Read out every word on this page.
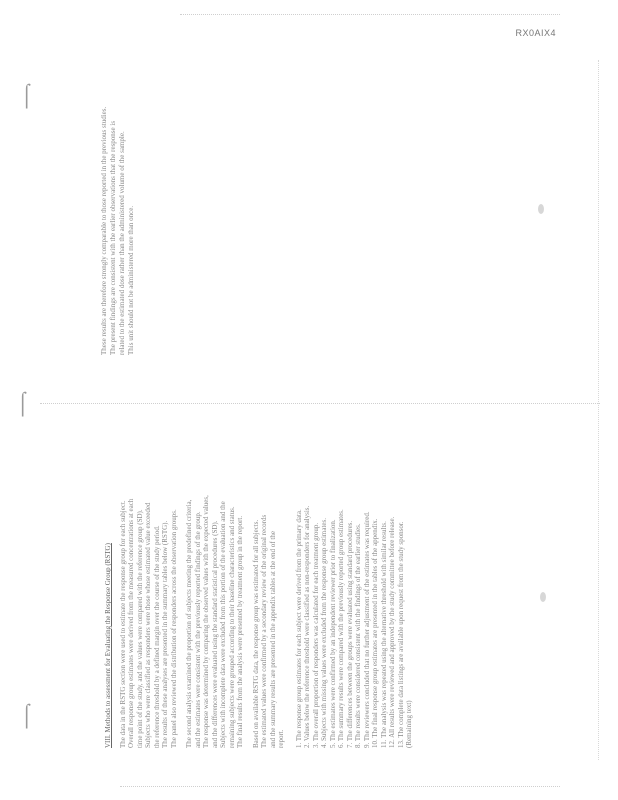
RX0AIX4
⌠
⌠
⌠
These results are therefore strongly comparable to those reported in the previous studies. The present findings are consistent with the earlier observations that the response is related to the estimated dose rather than the administered volume of the sample. This unit should not be administered more than once.
VIII. Methods to assessment for Evaluating the Response Group (RSTG) The data in the RSTG section were used to estimate the response group for each subject. Overall response group estimates were derived from the measured concentrations at each time point of the study, and the values were compared with the reference group (SD). Subjects who were classified as responders were those whose estimated value exceeded the reference threshold by a defined margin over the course of the study period. The results of these analyses are presented in the summary tables below (RSTG). The panel also reviewed the distribution of responders across the observation groups. The second analysis examined the proportion of subjects meeting the predefined criteria, and the estimates were consistent with the previously reported findings of the group. The response was determined by comparing the observed values with the expected values, and the differences were evaluated using the standard statistical procedures (SD). Subjects with incomplete data were excluded from this portion of the evaluation and the remaining subjects were grouped according to their baseline characteristics and status. The final results from the analysis were presented by treatment group in the report. Based on available RSTG data, the response group was estimated for all subjects. The estimated values were confirmed by a secondary review of the original records and the summary results are presented in the appendix tables at the end of the report. 1. The response group estimates for each subject were derived from the primary data. 2. Values below the reference threshold were classified as non-responders for analysis. 3. The overall proportion of responders was calculated for each treatment group. 4. Subjects with missing values were excluded from the response group estimates. 5. The estimates were confirmed by an independent reviewer prior to finalization. 6. The summary results were compared with the previously reported group estimates. 7. The differences between the groups were evaluated using standard procedures. 8. The results were considered consistent with the findings of the earlier studies. 9. The reviewers concluded that no further adjustment of the estimates was required. 10. The final response group estimates are presented in the tables of the appendix. 11. The analysis was repeated using the alternative threshold with similar results. 12. All results were reviewed and approved by the study committee before release. 13. The complete data listings are available upon request from the study sponsor. (Remaining text)
